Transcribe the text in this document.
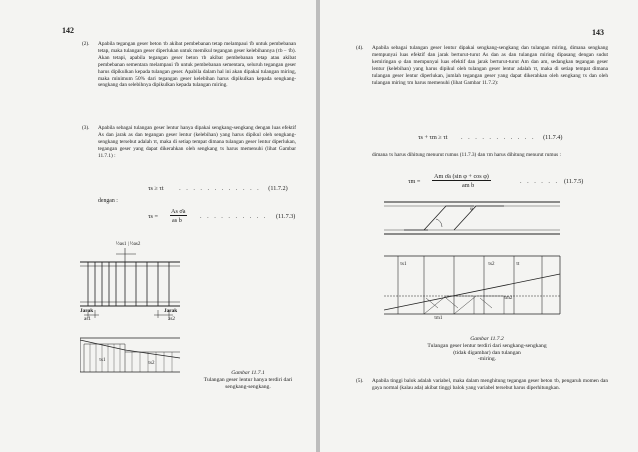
142
(2). Apabila tegangan geser beton τb akibat pembebanan tetap melampaui τ̄b untuk pembebanan tetap, maka tulangan geser diperlukan untuk memikul tegangan geser kelebihannya (τb − τ̄b). Akan tetapi, apabila tegangan geser beton τb akibat pembebanan tetap atau akibat pembebanan sementara melampaui τ̄b untuk pembebanan sementara, seluruh tegangan geser harus dipikulkan kepada tulangan geser. Apabila dalam hal ini akan dipakai tulangan miring, maka minimum 50% dari tegangan geser kelebihan harus dipikulkan kepada sengkang-sengkang dan selebihnya dipikulkan kepada tulangan miring.
(3). Apabila sebagai tulangan geser lentur hanya dipakai sengkang-sengkang dengan luas efektif As dan jarak as dan tegangan geser lentur (kelebihan) yang harus dipikul oleh sengkang-sengkang tersebut adalah τt, maka di setiap tempat dimana tulangan geser lentur diperlukan, tegangan geser yang dapat dikerahkan oleh sengkang τs harus memenuhi (lihat Gambar 11.7.1) :
τs ≥ τt	. . . . . . . . . . . . (11.7.2)
dengan :
τs =
As σ̄a
as b
. . . . . . . . . . (11.7.3)
½as1 | ½as2
Jarak
as1
Jarak
as2
τs1
τs2
Gambar 11.7.1
Tulangan geser lentur hanya terdiri dari sengkang-sengkang.
143
(4). Apabila sebagai tulangan geser lentur dipakai sengkang-sengkang dan tulangan miring, dimana sengkang mempunyai luas efektif dan jarak berturut-turut As dan as dan tulangan miring dipasang dengan sudut kemiringan φ dan mempunyai luas efektif dan jarak berturut-turut Am dan am, sedangkan tegangan geser lentur (kelebihan) yang harus dipikul oleh tulangan geser lentur adalah τt, maka di setiap tempat dimana tulangan geser lentur diperlukan, jumlah tegangan geser yang dapat dikerahkan oleh sengkang τs dan oleh tulangan miring τm harus memenuhi (lihat Gambar 11.7.2):
τs + τm ≥ τt . . . . . . . . . . . (11.7.4)
dimana τs harus dihitung menurut rumus (11.7.3) dan τm harus dihitung menurut rumus :
τm =
Am σ̄a (sin φ + cos φ)
am b
. . . . . . (11.7.5)
φ
τs1	τs2	τt
τm1
τm2
Gambar 11.7.2
Tulangan geser lentur terdiri dari sengkang-sengkang
(tidak digambar) dan tulangan
-miring.
(5). Apabila tinggi balok adalah variabel, maka dalam menghitung tegangan geser beton τb, pengaruh momen dan gaya normal (kalau ada) akibat tinggi balok yang variabel tersebut harus diperhitungkan.
